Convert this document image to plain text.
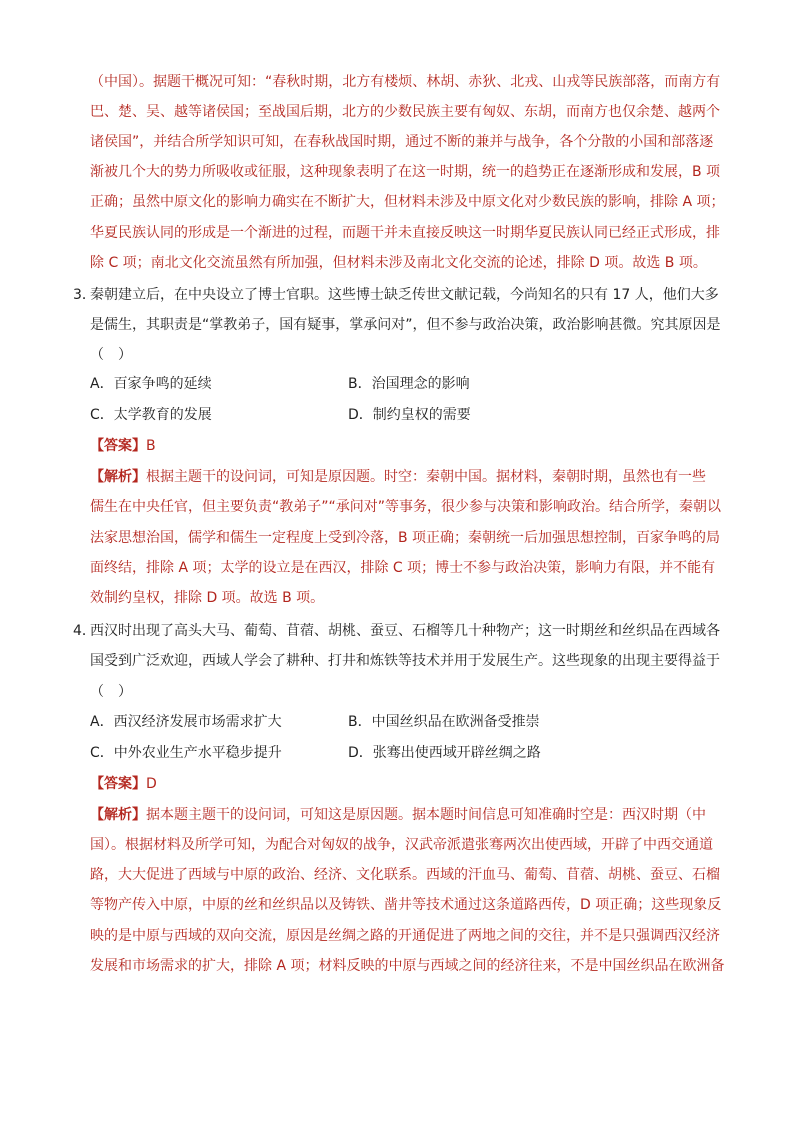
（中国）。据题干概况可知：“春秋时期，北方有楼烦、林胡、赤狄、北戎、山戎等民族部落，而南方有
巴、楚、吴、越等诸侯国；至战国后期，北方的少数民族主要有匈奴、东胡，而南方也仅余楚、越两个
诸侯国”，并结合所学知识可知，在春秋战国时期，通过不断的兼并与战争，各个分散的小国和部落逐
渐被几个大的势力所吸收或征服，这种现象表明了在这一时期，统一的趋势正在逐渐形成和发展，B 项
正确；虽然中原文化的影响力确实在不断扩大，但材料未涉及中原文化对少数民族的影响，排除 A 项；
华夏民族认同的形成是一个渐进的过程，而题干并未直接反映这一时期华夏民族认同已经正式形成，排
除 C 项；南北文化交流虽然有所加强，但材料未涉及南北文化交流的论述，排除 D 项。故选 B 项。
3．
秦朝建立后，在中央设立了博士官职。这些博士缺乏传世文献记载，今尚知名的只有 17 人，他们大多
是儒生，其职责是“掌教弟子，国有疑事，掌承问对”，但不参与政治决策，政治影响甚微。究其原因是
（　）
A．百家争鸣的延续	B．治国理念的影响
C．太学教育的发展	D．制约皇权的需要
【答案】B
【解析】根据主题干的设问词，可知是原因题。时空：秦朝中国。据材料，秦朝时期，虽然也有一些
儒生在中央任官，但主要负责“教弟子”“承问对”等事务，很少参与决策和影响政治。结合所学，秦朝以
法家思想治国，儒学和儒生一定程度上受到冷落，B 项正确；秦朝统一后加强思想控制，百家争鸣的局
面终结，排除 A 项；太学的设立是在西汉，排除 C 项；博士不参与政治决策，影响力有限，并不能有
效制约皇权，排除 D 项。故选 B 项。
4．
西汉时出现了高头大马、葡萄、苜蓿、胡桃、蚕豆、石榴等几十种物产；这一时期丝和丝织品在西域各
国受到广泛欢迎，西域人学会了耕种、打井和炼铁等技术并用于发展生产。这些现象的出现主要得益于
（　）
A．西汉经济发展市场需求扩大	B．中国丝织品在欧洲备受推崇
C．中外农业生产水平稳步提升	D．张骞出使西域开辟丝绸之路
【答案】D
【解析】据本题主题干的设问词，可知这是原因题。据本题时间信息可知准确时空是：西汉时期（中
国）。根据材料及所学可知，为配合对匈奴的战争，汉武帝派遣张骞两次出使西域，开辟了中西交通道
路，大大促进了西域与中原的政治、经济、文化联系。西域的汗血马、葡萄、苜蓿、胡桃、蚕豆、石榴
等物产传入中原，中原的丝和丝织品以及铸铁、凿井等技术通过这条道路西传，D 项正确；这些现象反
映的是中原与西域的双向交流，原因是丝绸之路的开通促进了两地之间的交往，并不是只强调西汉经济
发展和市场需求的扩大，排除 A 项；材料反映的中原与西域之间的经济往来，不是中国丝织品在欧洲备
